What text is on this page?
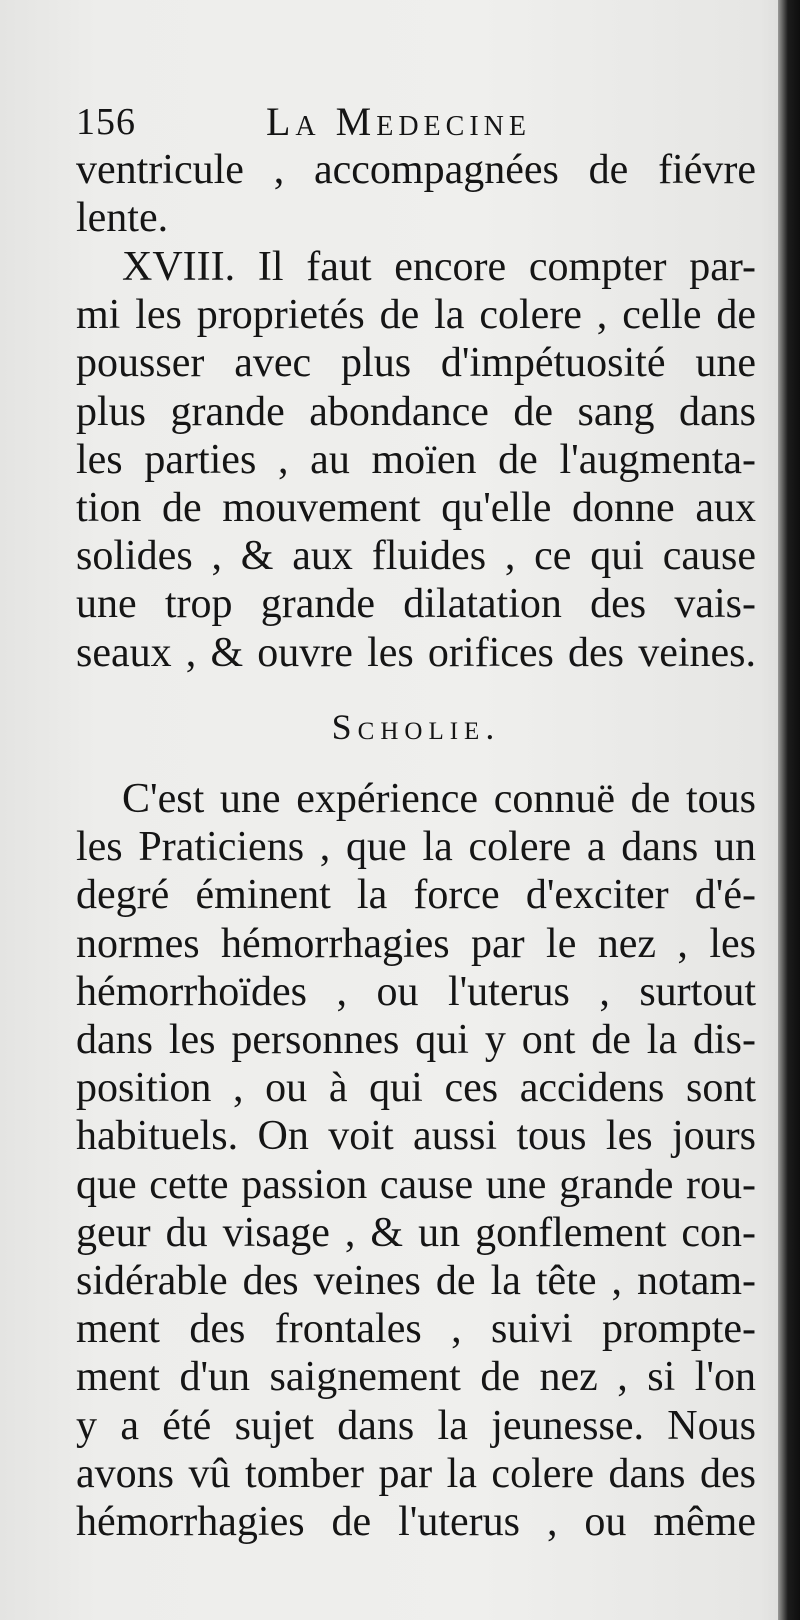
156	La Medecine
ventricule , accompagnées de fiévre
lente.
XVIII. Il faut encore compter par-
mi les proprietés de la colere , celle de
pousser avec plus d'impétuosité une
plus grande abondance de sang dans
les parties , au moïen de l'augmenta-
tion de mouvement qu'elle donne aux
solides , & aux fluides , ce qui cause
une trop grande dilatation des vais-
seaux , & ouvre les orifices des veines.
Scholie.
C'est une expérience connuë de tous
les Praticiens , que la colere a dans un
degré éminent la force d'exciter d'é-
normes hémorrhagies par le nez , les
hémorrhoïdes , ou l'uterus , surtout
dans les personnes qui y ont de la dis-
position , ou à qui ces accidens sont
habituels. On voit aussi tous les jours
que cette passion cause une grande rou-
geur du visage , & un gonflement con-
sidérable des veines de la tête , notam-
ment des frontales , suivi prompte-
ment d'un saignement de nez , si l'on
y a été sujet dans la jeunesse. Nous
avons vû tomber par la colere dans des
hémorrhagies de l'uterus , ou même
